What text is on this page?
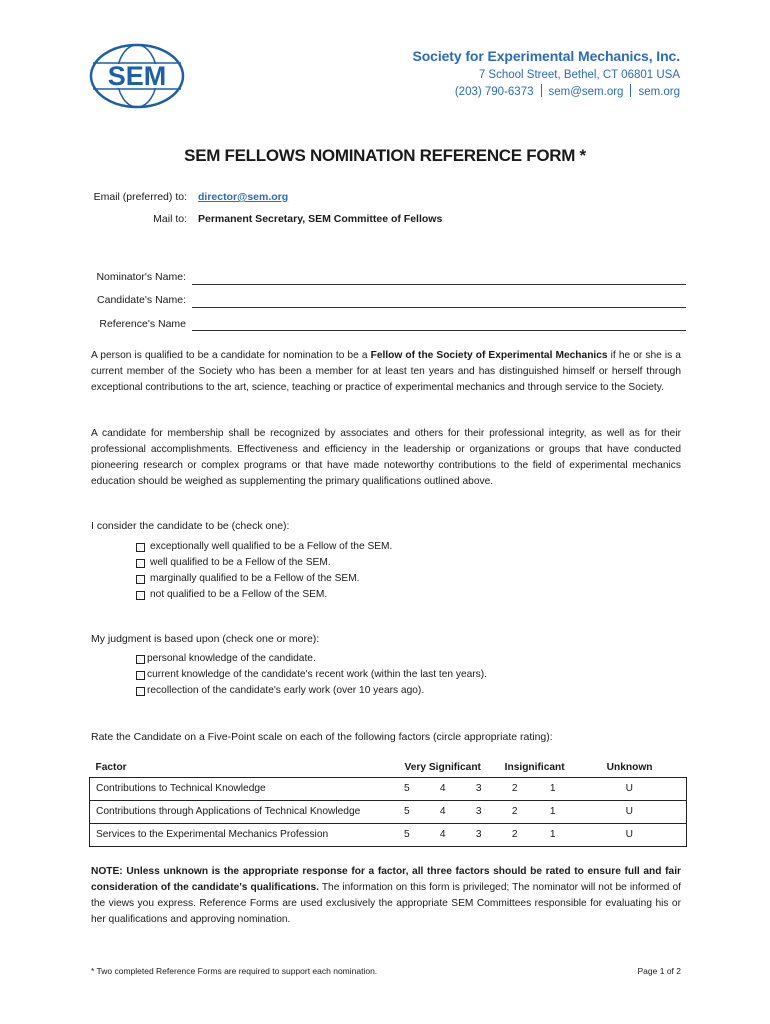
SEM
Society for Experimental Mechanics, Inc.
7 School Street, Bethel, CT 06801 USA
(203) 790-6373 sem@sem.org sem.org
SEM FELLOWS NOMINATION REFERENCE FORM *
Email (preferred) to: director@sem.org
Mail to: Permanent Secretary, SEM Committee of Fellows
Nominator's Name:
Candidate's Name:
Reference's Name
A person is qualified to be a candidate for nomination to be a Fellow of the Society of Experimental Mechanics if he or she is a current member of the Society who has been a member for at least ten years and has distinguished himself or herself through exceptional contributions to the art, science, teaching or practice of experimental mechanics and through service to the Society.
A candidate for membership shall be recognized by associates and others for their professional integrity, as well as for their professional accomplishments. Effectiveness and efficiency in the leadership or organizations or groups that have conducted pioneering research or complex programs or that have made noteworthy contributions to the field of experimental mechanics education should be weighed as supplementing the primary qualifications outlined above.
I consider the candidate to be (check one):
exceptionally well qualified to be a Fellow of the SEM.
well qualified to be a Fellow of the SEM.
marginally qualified to be a Fellow of the SEM.
not qualified to be a Fellow of the SEM.
My judgment is based upon (check one or more):
personal knowledge of the candidate.
current knowledge of the candidate's recent work (within the last ten years).
recollection of the candidate's early work (over 10 years ago).
Rate the Candidate on a Five-Point scale on each of the following factors (circle appropriate rating):
Factor	Very Significant			Insignificant		Unknown
Contributions to Technical Knowledge	5	4	3	2	1	U
Contributions through Applications of Technical Knowledge	5	4	3	2	1	U
Services to the Experimental Mechanics Profession	5	4	3	2	1	U
NOTE: Unless unknown is the appropriate response for a factor, all three factors should be rated to ensure full and fair consideration of the candidate's qualifications. The information on this form is privileged; The nominator will not be informed of the views you express. Reference Forms are used exclusively the appropriate SEM Committees responsible for evaluating his or her qualifications and approving nomination.
* Two completed Reference Forms are required to support each nomination.	Page 1 of 2
